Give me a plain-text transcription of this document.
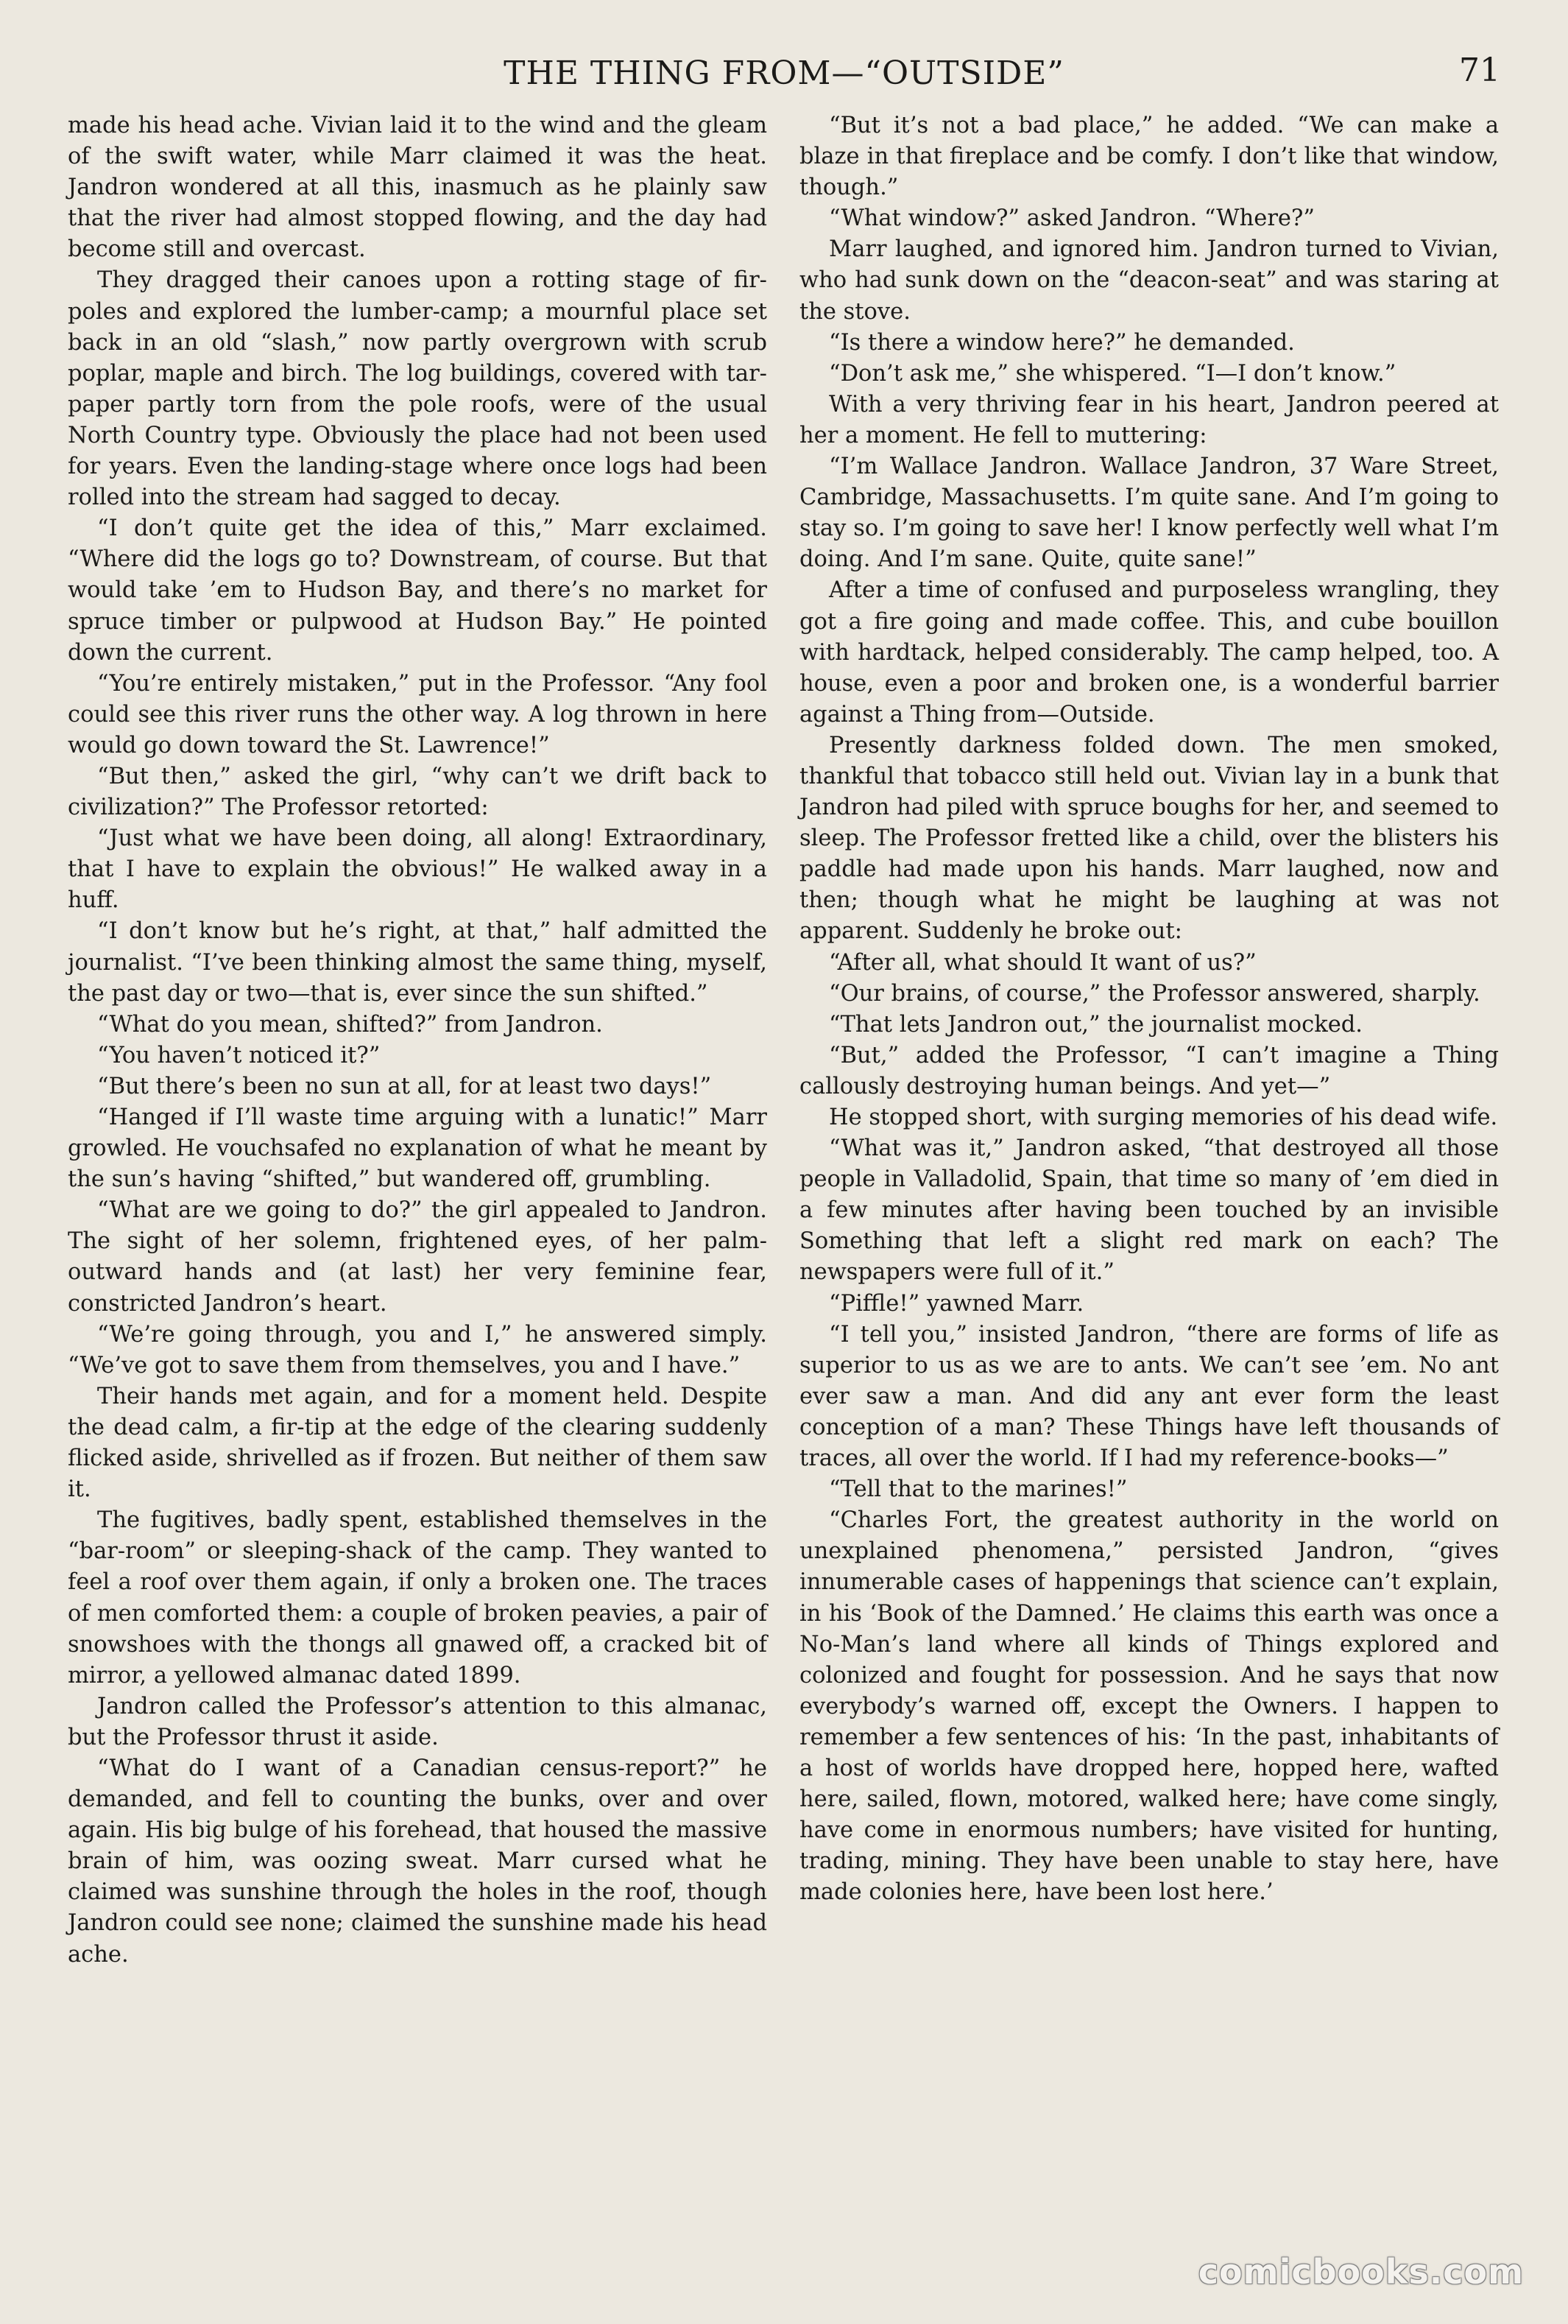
THE THING FROM—“OUTSIDE”	71

made his head ache. Vivian laid it to the wind and the gleam of the swift water, while Marr claimed it was the heat. Jandron wondered at all this, inasmuch as he plainly saw that the river had almost stopped flowing, and the day had become still and overcast.

They dragged their canoes upon a rotting stage of fir-poles and explored the lumber-camp; a mournful place set back in an old “slash,” now partly overgrown with scrub poplar, maple and birch. The log buildings, covered with tar-paper partly torn from the pole roofs, were of the usual North Country type. Obviously the place had not been used for years. Even the landing-stage where once logs had been rolled into the stream had sagged to decay.

“I don’t quite get the idea of this,” Marr exclaimed. “Where did the logs go to? Downstream, of course. But that would take ’em to Hudson Bay, and there’s no market for spruce timber or pulpwood at Hudson Bay.” He pointed down the current.

“You’re entirely mistaken,” put in the Professor. “Any fool could see this river runs the other way. A log thrown in here would go down toward the St. Lawrence!”

“But then,” asked the girl, “why can’t we drift back to civilization?” The Professor retorted:

“Just what we have been doing, all along! Extraordinary, that I have to explain the obvious!” He walked away in a huff.

“I don’t know but he’s right, at that,” half admitted the journalist. “I’ve been thinking almost the same thing, myself, the past day or two—that is, ever since the sun shifted.”

“What do you mean, shifted?” from Jandron.

“You haven’t noticed it?”

“But there’s been no sun at all, for at least two days!”

“Hanged if I’ll waste time arguing with a lunatic!” Marr growled. He vouchsafed no explanation of what he meant by the sun’s having “shifted,” but wandered off, grumbling.

“What are we going to do?” the girl appealed to Jandron. The sight of her solemn, frightened eyes, of her palm-outward hands and (at last) her very feminine fear, constricted Jandron’s heart.

“We’re going through, you and I,” he answered simply. “We’ve got to save them from themselves, you and I have.”

Their hands met again, and for a moment held. Despite the dead calm, a fir-tip at the edge of the clearing suddenly flicked aside, shrivelled as if frozen. But neither of them saw it.

The fugitives, badly spent, established themselves in the “bar-room” or sleeping-shack of the camp. They wanted to feel a roof over them again, if only a broken one. The traces of men comforted them: a couple of broken peavies, a pair of snowshoes with the thongs all gnawed off, a cracked bit of mirror, a yellowed almanac dated 1899.

Jandron called the Professor’s attention to this almanac, but the Professor thrust it aside.

“What do I want of a Canadian census-report?” he demanded, and fell to counting the bunks, over and over again. His big bulge of his forehead, that housed the massive brain of him, was oozing sweat. Marr cursed what he claimed was sunshine through the holes in the roof, though Jandron could see none; claimed the sunshine made his head ache.

“But it’s not a bad place,” he added. “We can make a blaze in that fireplace and be comfy. I don’t like that window, though.”

“What window?” asked Jandron. “Where?”

Marr laughed, and ignored him. Jandron turned to Vivian, who had sunk down on the “deacon-seat” and was staring at the stove.

“Is there a window here?” he demanded.

“Don’t ask me,” she whispered. “I—I don’t know.”

With a very thriving fear in his heart, Jandron peered at her a moment. He fell to muttering:

“I’m Wallace Jandron. Wallace Jandron, 37 Ware Street, Cambridge, Massachusetts. I’m quite sane. And I’m going to stay so. I’m going to save her! I know perfectly well what I’m doing. And I’m sane. Quite, quite sane!”

After a time of confused and purposeless wrangling, they got a fire going and made coffee. This, and cube bouillon with hardtack, helped considerably. The camp helped, too. A house, even a poor and broken one, is a wonderful barrier against a Thing from—Outside.

Presently darkness folded down. The men smoked, thankful that tobacco still held out. Vivian lay in a bunk that Jandron had piled with spruce boughs for her, and seemed to sleep. The Professor fretted like a child, over the blisters his paddle had made upon his hands. Marr laughed, now and then; though what he might be laughing at was not apparent. Suddenly he broke out:

“After all, what should It want of us?”

“Our brains, of course,” the Professor answered, sharply.

“That lets Jandron out,” the journalist mocked.

“But,” added the Professor, “I can’t imagine a Thing callously destroying human beings. And yet—”

He stopped short, with surging memories of his dead wife.

“What was it,” Jandron asked, “that destroyed all those people in Valladolid, Spain, that time so many of ’em died in a few minutes after having been touched by an invisible Something that left a slight red mark on each? The newspapers were full of it.”

“Piffle!” yawned Marr.

“I tell you,” insisted Jandron, “there are forms of life as superior to us as we are to ants. We can’t see ’em. No ant ever saw a man. And did any ant ever form the least conception of a man? These Things have left thousands of traces, all over the world. If I had my reference-books—”

“Tell that to the marines!”

“Charles Fort, the greatest authority in the world on unexplained phenomena,” persisted Jandron, “gives innumerable cases of happenings that science can’t explain, in his ‘Book of the Damned.’ He claims this earth was once a No-Man’s land where all kinds of Things explored and colonized and fought for possession. And he says that now everybody’s warned off, except the Owners. I happen to remember a few sentences of his: ‘In the past, inhabitants of a host of worlds have dropped here, hopped here, wafted here, sailed, flown, motored, walked here; have come singly, have come in enormous numbers; have visited for hunting, trading, mining. They have been unable to stay here, have made colonies here, have been lost here.’

comicbooks.com
